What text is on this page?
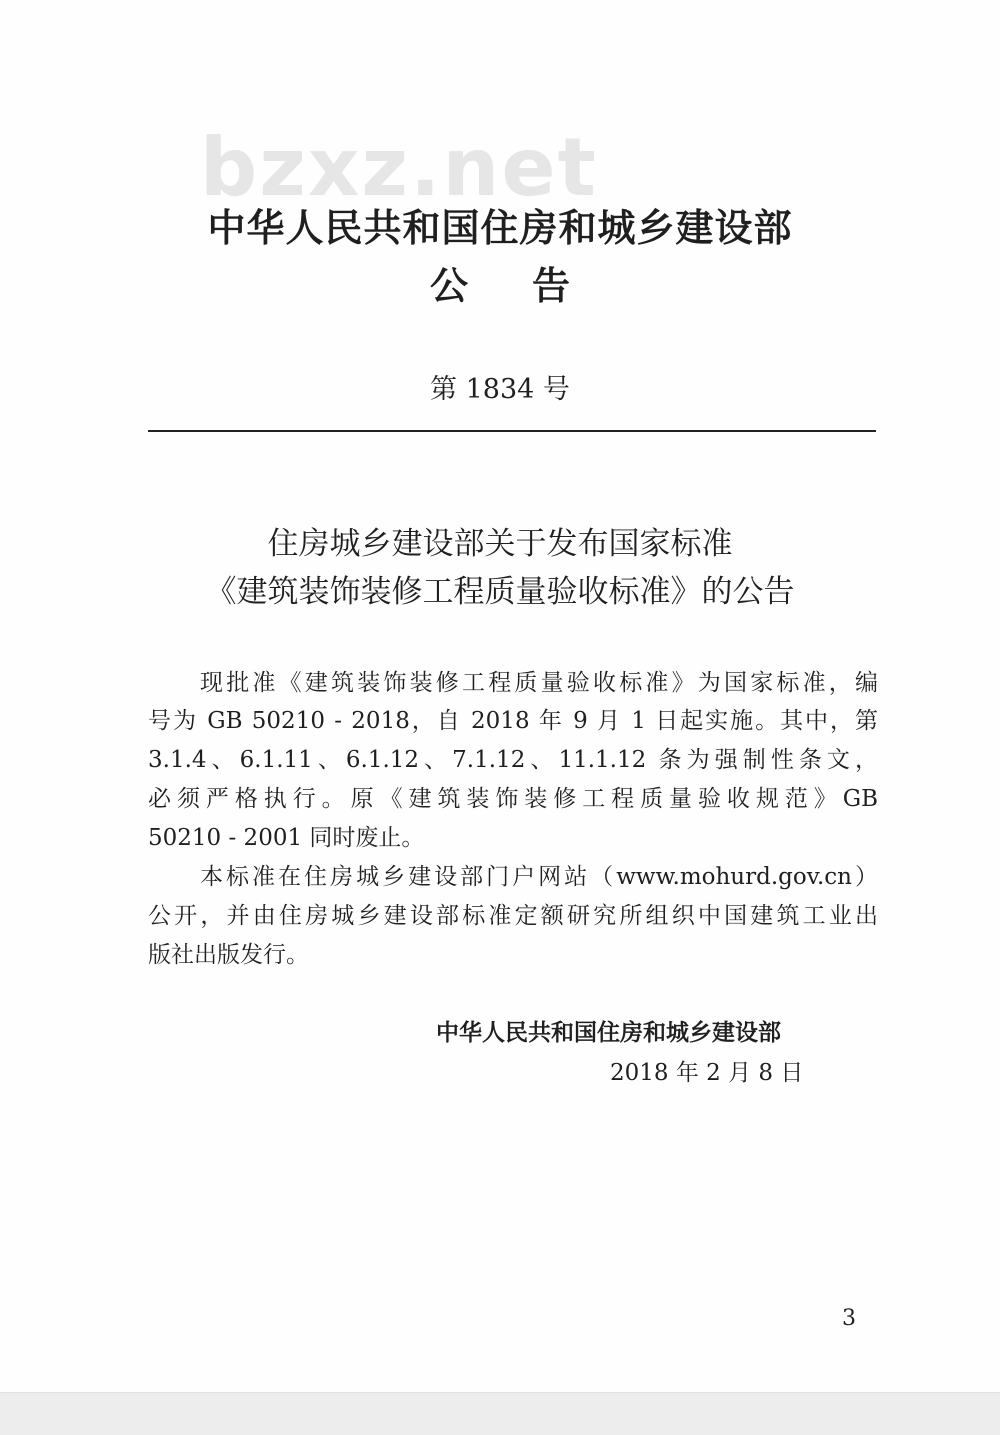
bzxz.net
中华人民共和国住房和城乡建设部
公告
第 1834 号
住房城乡建设部关于发布国家标准
《建筑装饰装修工程质量验收标准》的公告
现批准《建筑装饰装修工程质量验收标准》为国家标准，编
号为 GB 50210 - 2018，自 2018 年 9 月 1 日起实施。其中，第
3.1.4、6.1.11、6.1.12、7.1.12、11.1.12 条为强制性条文，
必须严格执行。原《建筑装饰装修工程质量验收规范》GB
50210 - 2001 同时废止。
本标准在住房城乡建设部门户网站（www.mohurd.gov.cn）
公开，并由住房城乡建设部标准定额研究所组织中国建筑工业出
版社出版发行。
中华人民共和国住房和城乡建设部
2018 年 2 月 8 日
3
